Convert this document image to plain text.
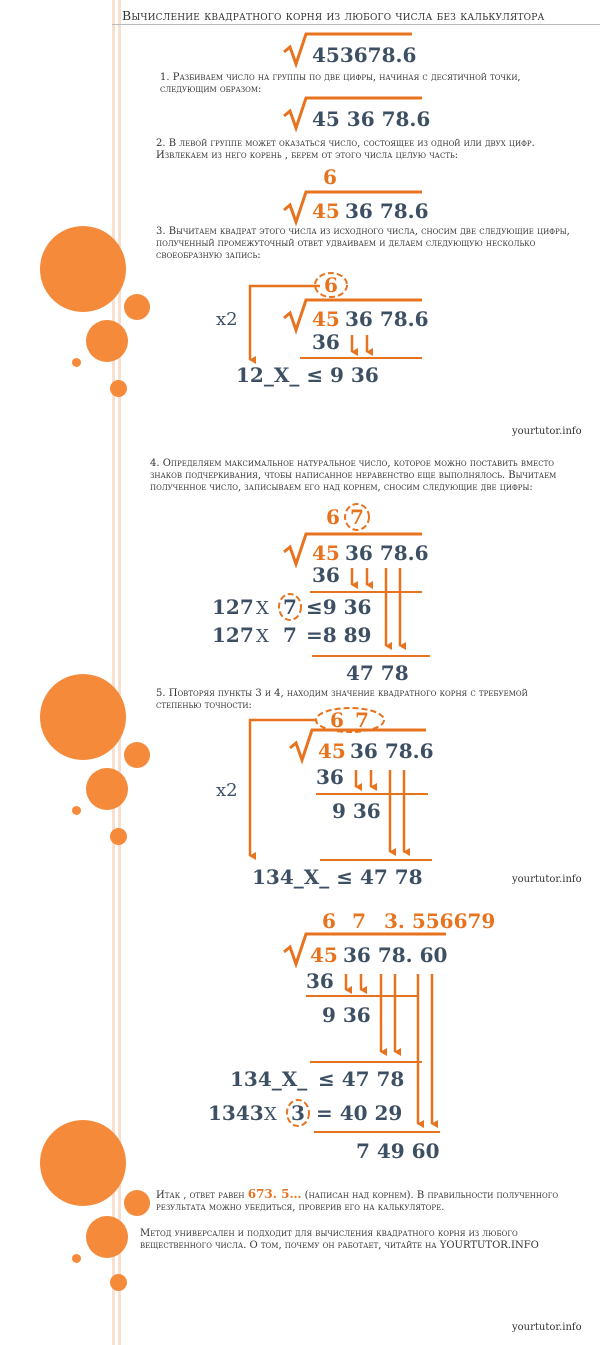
Вычисление квадратного корня из любого числа без калькулятора
1. Разбиваем число на группы по две цифры, начиная с десятичной точки, следующим образом:
2. В левой группе может оказаться число, состоящее из одной или двух цифр. Извлекаем из него корень , берем от этого числа целую часть:
3. Вычитаем квадрат этого числа из исходного числа, сносим две следующие цифры, полученный промежуточный ответ удваиваем и делаем следующую несколько своеобразную запись:
4. Определяем максимальное натуральное число, которое можно поставить вместо знаков подчеркивания, чтобы написанное неравенство еще выполнялось. Вычитаем полученное число, записываем его над корнем, сносим следующие две цифры:
5. Повторяя пункты 3 и 4, находим значение квадратного корня с требуемой степенью точности:
Итак , ответ равен 673. 5… (написан над корнем). В правильности полученного результата можно убедиться, проверив его на калькуляторе.
Метод универсален и подходит для вычисления квадратного корня из любого вещественного числа. О том, почему он работает, читайте на YOURTUTOR.INFO
yourtutor.info
yourtutor.info
yourtutor.info
453678.6
45 36 78.6
6
45 36 78.6
6
x2	45 36 78.6
36
12_X_ ≤ 9 36
6 7
45 36 78.6
36
127 X 7 ≤9 36
127 X 7 =8 89
47 78
6 7
x2
45 36 78.6
36
9 36
134_X_ ≤ 47 78
6 7 3. 556679
45 36 78. 60
36
9 36
134_X_ ≤ 47 78
1343 X 3 = 40 29
7 49 60
